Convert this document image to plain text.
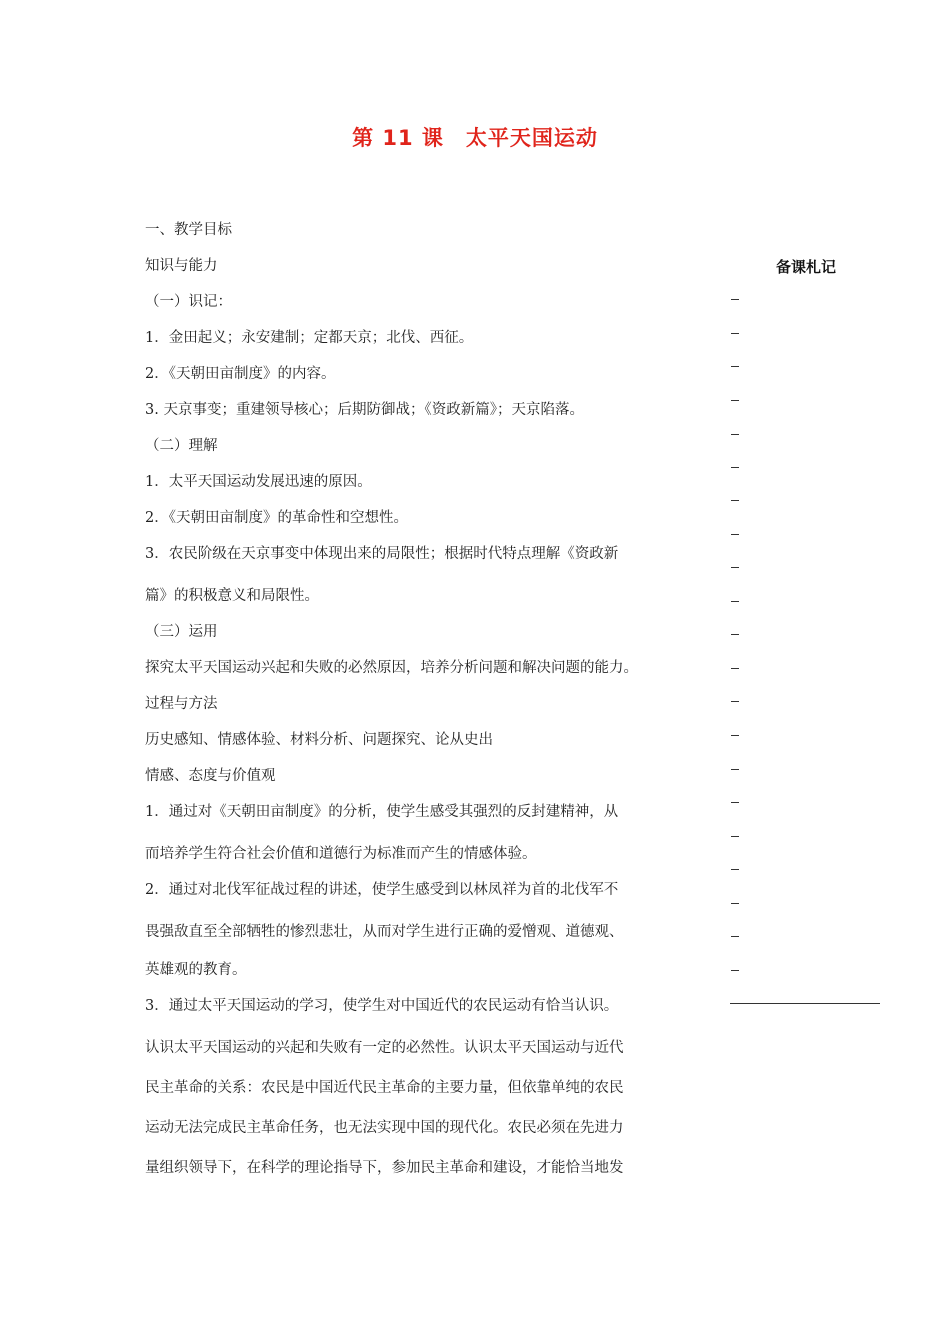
第 11 课　太平天国运动
备课札记
一、教学目标
知识与能力
（一）识记：
1．金田起义；永安建制；定都天京；北伐、西征。
2．《天朝田亩制度》的内容。
3. 天京事变；重建领导核心；后期防御战；《资政新篇》；天京陷落。
（二）理解
1．太平天国运动发展迅速的原因。
2．《天朝田亩制度》的革命性和空想性。
3．农民阶级在天京事变中体现出来的局限性；根据时代特点理解《资政新
篇》的积极意义和局限性。
（三）运用
探究太平天国运动兴起和失败的必然原因，培养分析问题和解决问题的能力。
过程与方法
历史感知、情感体验、材料分析、问题探究、论从史出
情感、态度与价值观
1．通过对《天朝田亩制度》的分析，使学生感受其强烈的反封建精神，从
而培养学生符合社会价值和道德行为标准而产生的情感体验。
2．通过对北伐军征战过程的讲述，使学生感受到以林凤祥为首的北伐军不
畏强敌直至全部牺牲的惨烈悲壮，从而对学生进行正确的爱憎观、道德观、
英雄观的教育。
3．通过太平天国运动的学习，使学生对中国近代的农民运动有恰当认识。
认识太平天国运动的兴起和失败有一定的必然性。认识太平天国运动与近代
民主革命的关系：农民是中国近代民主革命的主要力量，但依靠单纯的农民
运动无法完成民主革命任务，也无法实现中国的现代化。农民必须在先进力
量组织领导下，在科学的理论指导下，参加民主革命和建设，才能恰当地发
